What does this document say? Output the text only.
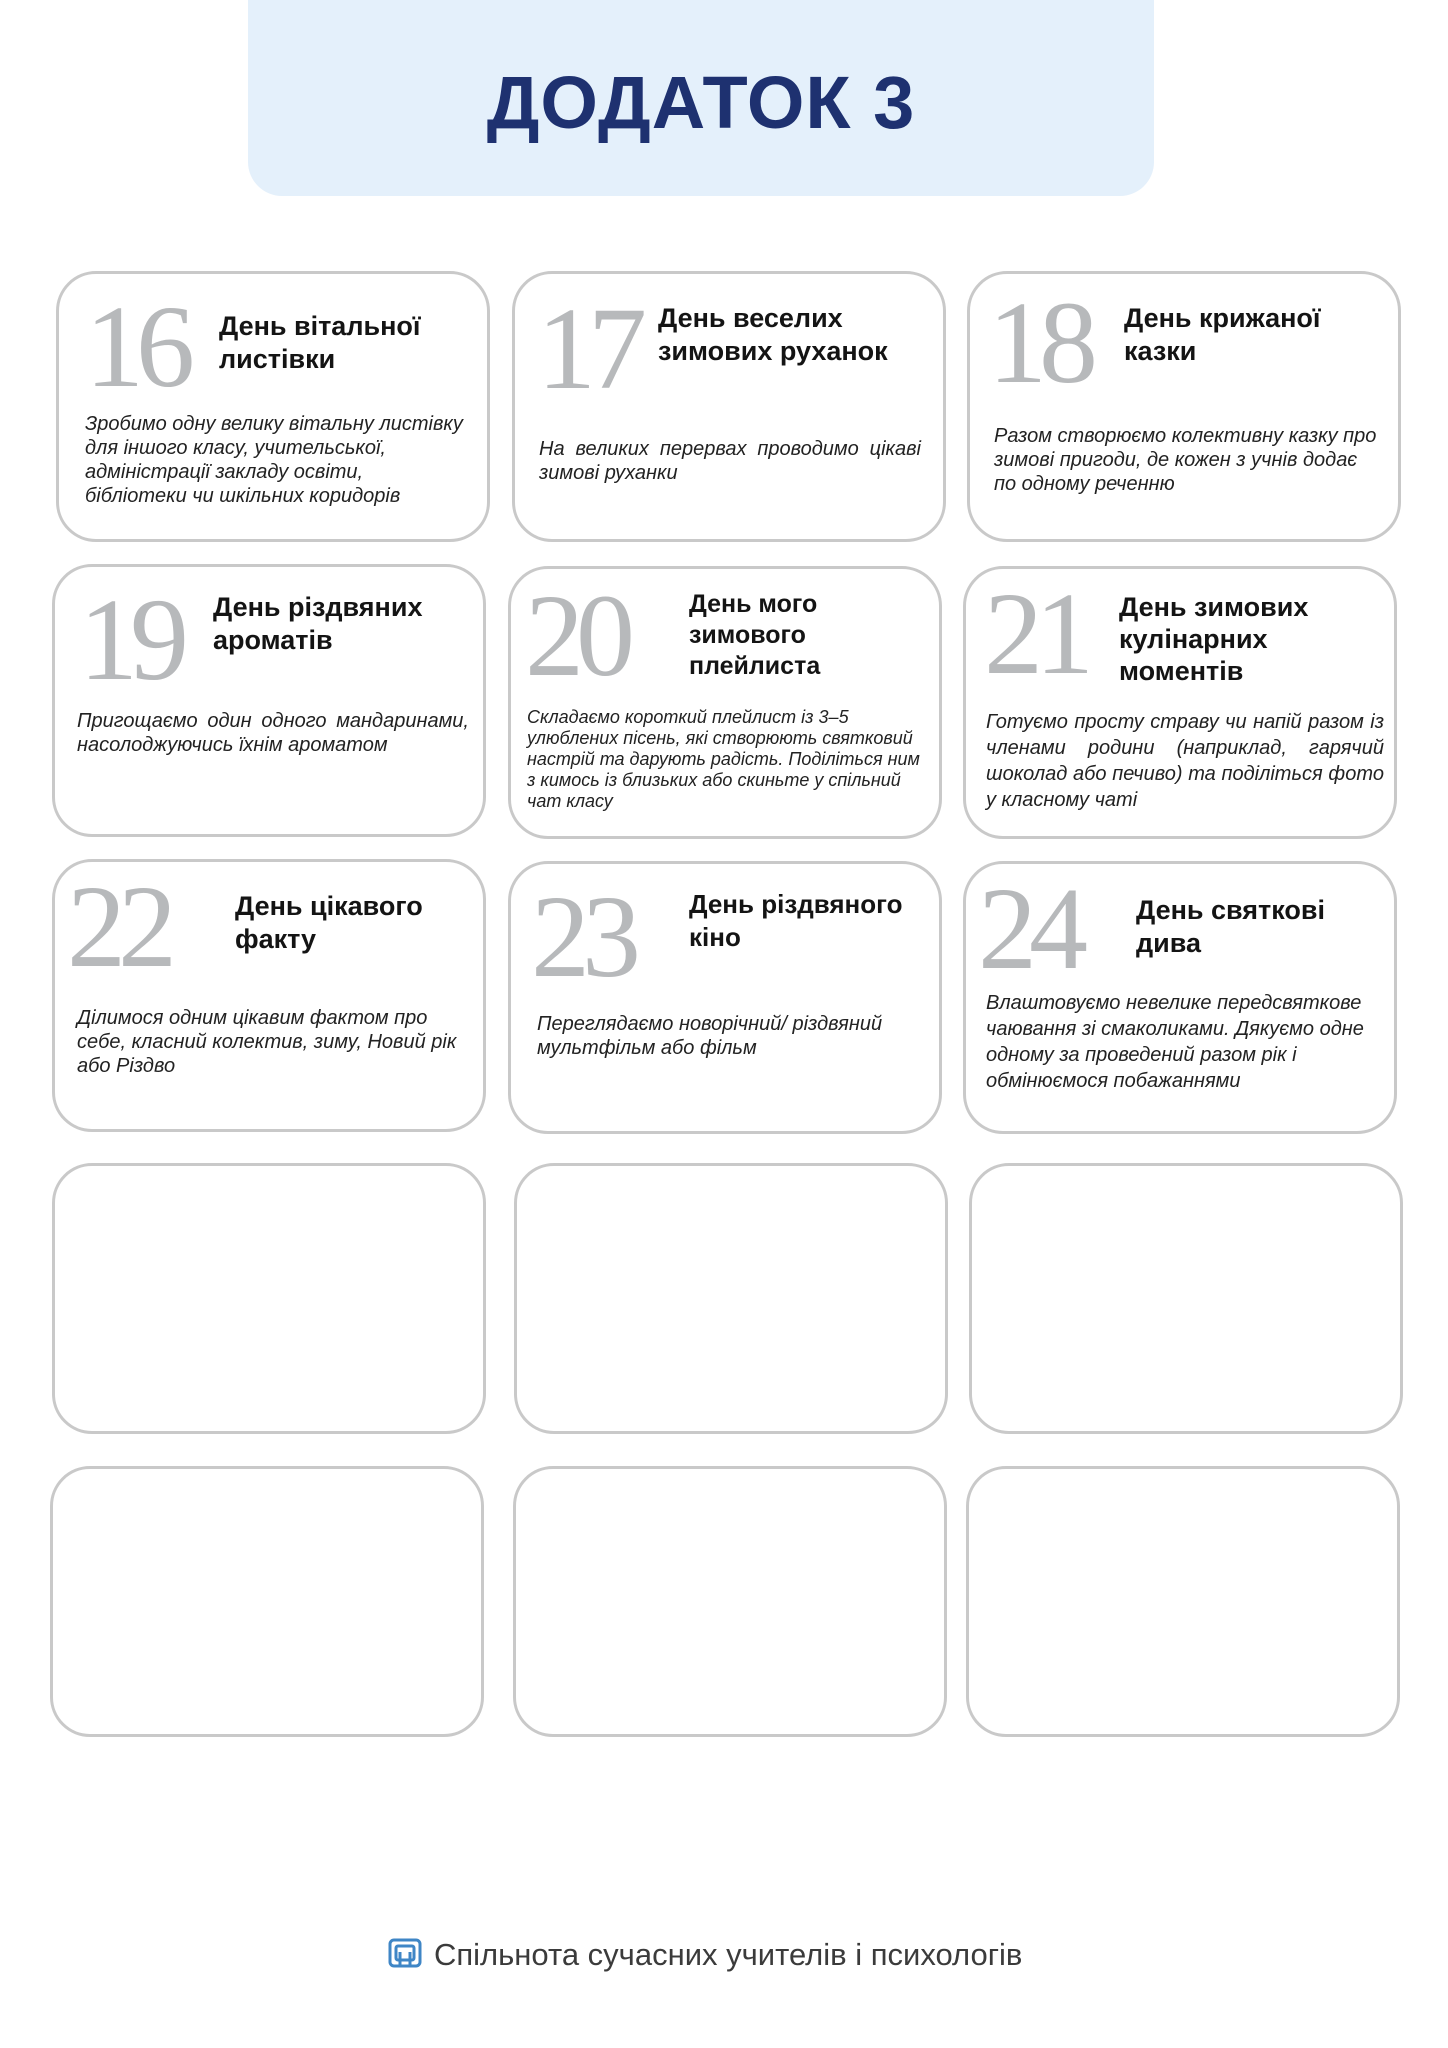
ДОДАТОК 3
16 День вітальної листівки
Зробимо одну велику вітальну листівку для іншого класу, учительської, адміністрації закладу освіти, бібліотеки чи шкільних коридорів
17 День веселих зимових руханок
На великих перервах проводимо цікаві зимові руханки
18 День крижаної казки
Разом створюємо колективну казку про зимові пригоди, де кожен з учнів додає по одному реченню
19 День різдвяних ароматів
Пригощаємо один одного мандаринами, насолоджуючись їхнім ароматом
20 День мого зимового плейлиста
Складаємо короткий плейлист із 3–5 улюблених пісень, які створюють святковий настрій та дарують радість. Поділіться ним з кимось із близьких або скиньте у спільний чат класу
21 День зимових кулінарних моментів
Готуємо просту страву чи напій разом із членами родини (наприклад, гарячий шоколад або печиво) та поділіться фото у класному чаті
22 День цікавого факту
Ділимося одним цікавим фактом про себе, класний колектив, зиму, Новий рік або Різдво
23 День різдвяного кіно
Переглядаємо новорічний/ різдвяний мультфільм або фільм
24 День святкові дива
Влаштовуємо невелике передсвяткове чаювання зі смаколиками. Дякуємо одне одному за проведений разом рік і обмінюємося побажаннями
Спільнота сучасних учителів і психологів
